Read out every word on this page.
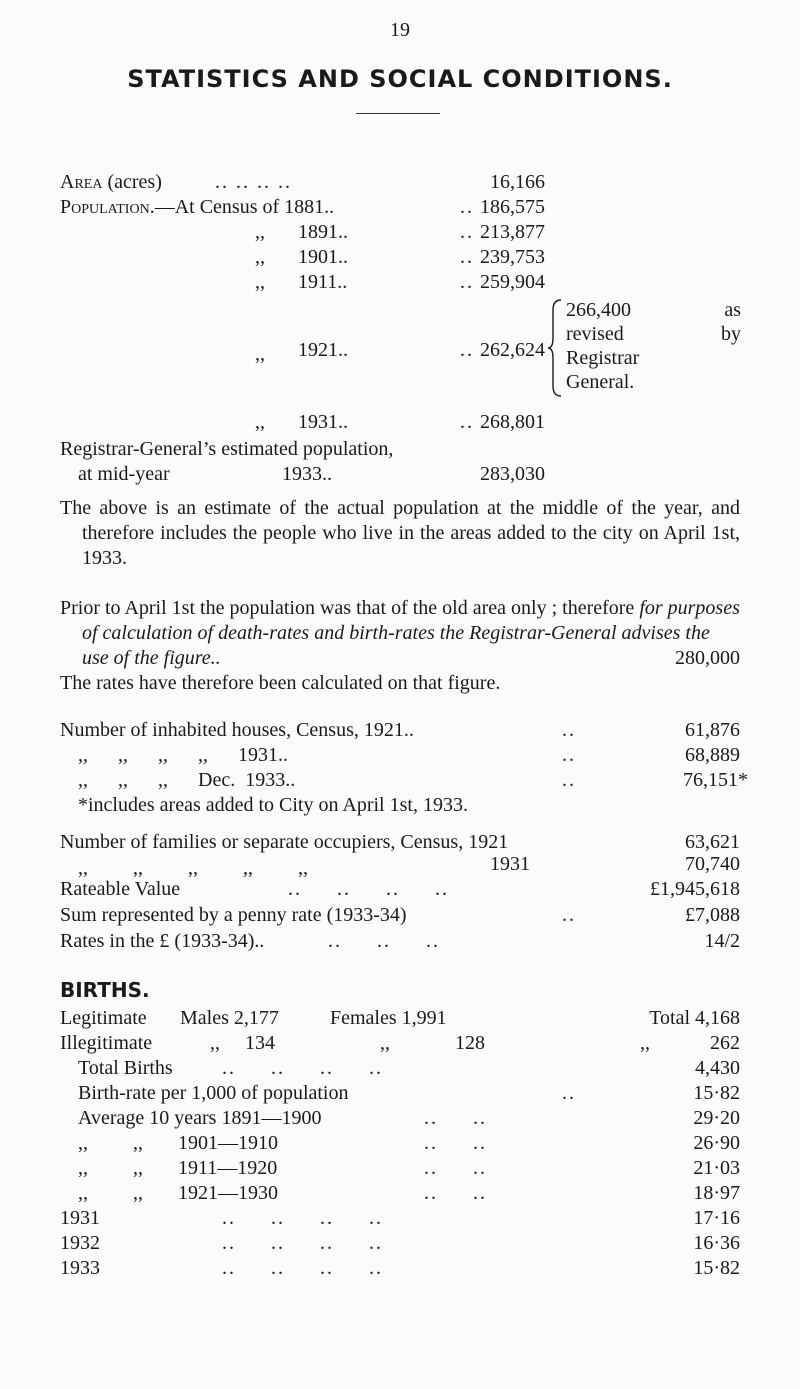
19
STATISTICS AND SOCIAL CONDITIONS.
Area (acres)	.. .. .. ..	16,166
Population.—At Census of 1881..	.. 186,575
,, 1891..	.. 213,877
,, 1901..	.. 239,753
,, 1911..	.. 259,904
,, 1921..	.. 262,624
266,400 as
revised by
Registrar
General.
,, 1931..	.. 268,801
Registrar-General’s estimated population,
at mid-year	1933..	283,030

The above is an estimate of the actual population at the middle of the year, and therefore includes the people who live in the areas added to the city on April 1st, 1933.

Prior to April 1st the population was that of the old area only ; therefore for purposes of calculation of death-rates and birth-rates the Registrar-General advises the use of the figure..	280,000

The rates have therefore been calculated on that figure.

Number of inhabited houses, Census, 1921..	..	61,876
,,      ,,      ,,      ,,      1931..	..	68,889
,,      ,,      ,,      Dec.  1933..	..	76,151*
*includes areas added to City on April 1st, 1933.
Number of families or separate occupiers, Census, 1921	63,621
,,         ,,         ,,         ,,         ,,	1931	70,740
Rateable Value	..     ..     ..     ..	£1,945,618
Sum represented by a penny rate (1933-34)	..	£7,088
Rates in the £ (1933-34)..	..     ..     ..	14/2
BIRTHS.
Legitimate Males 2,177	Females 1,991	Total 4,168
Illegitimate	,,	134	,,	128	,,	262
Total Births ..     ..     ..     ..	4,430
Birth-rate per 1,000 of population	..	15·82
Average 10 years 1891—1900	..     ..	29·20
,,         ,,       1901—1910	..     ..	26·90
,,         ,,       1911—1920	..     ..	21·03
,,         ,,       1921—1930	..     ..	18·97
1931	..     ..     ..     ..	17·16
1932	..     ..     ..     ..	16·36
1933	..     ..     ..     ..	15·82
